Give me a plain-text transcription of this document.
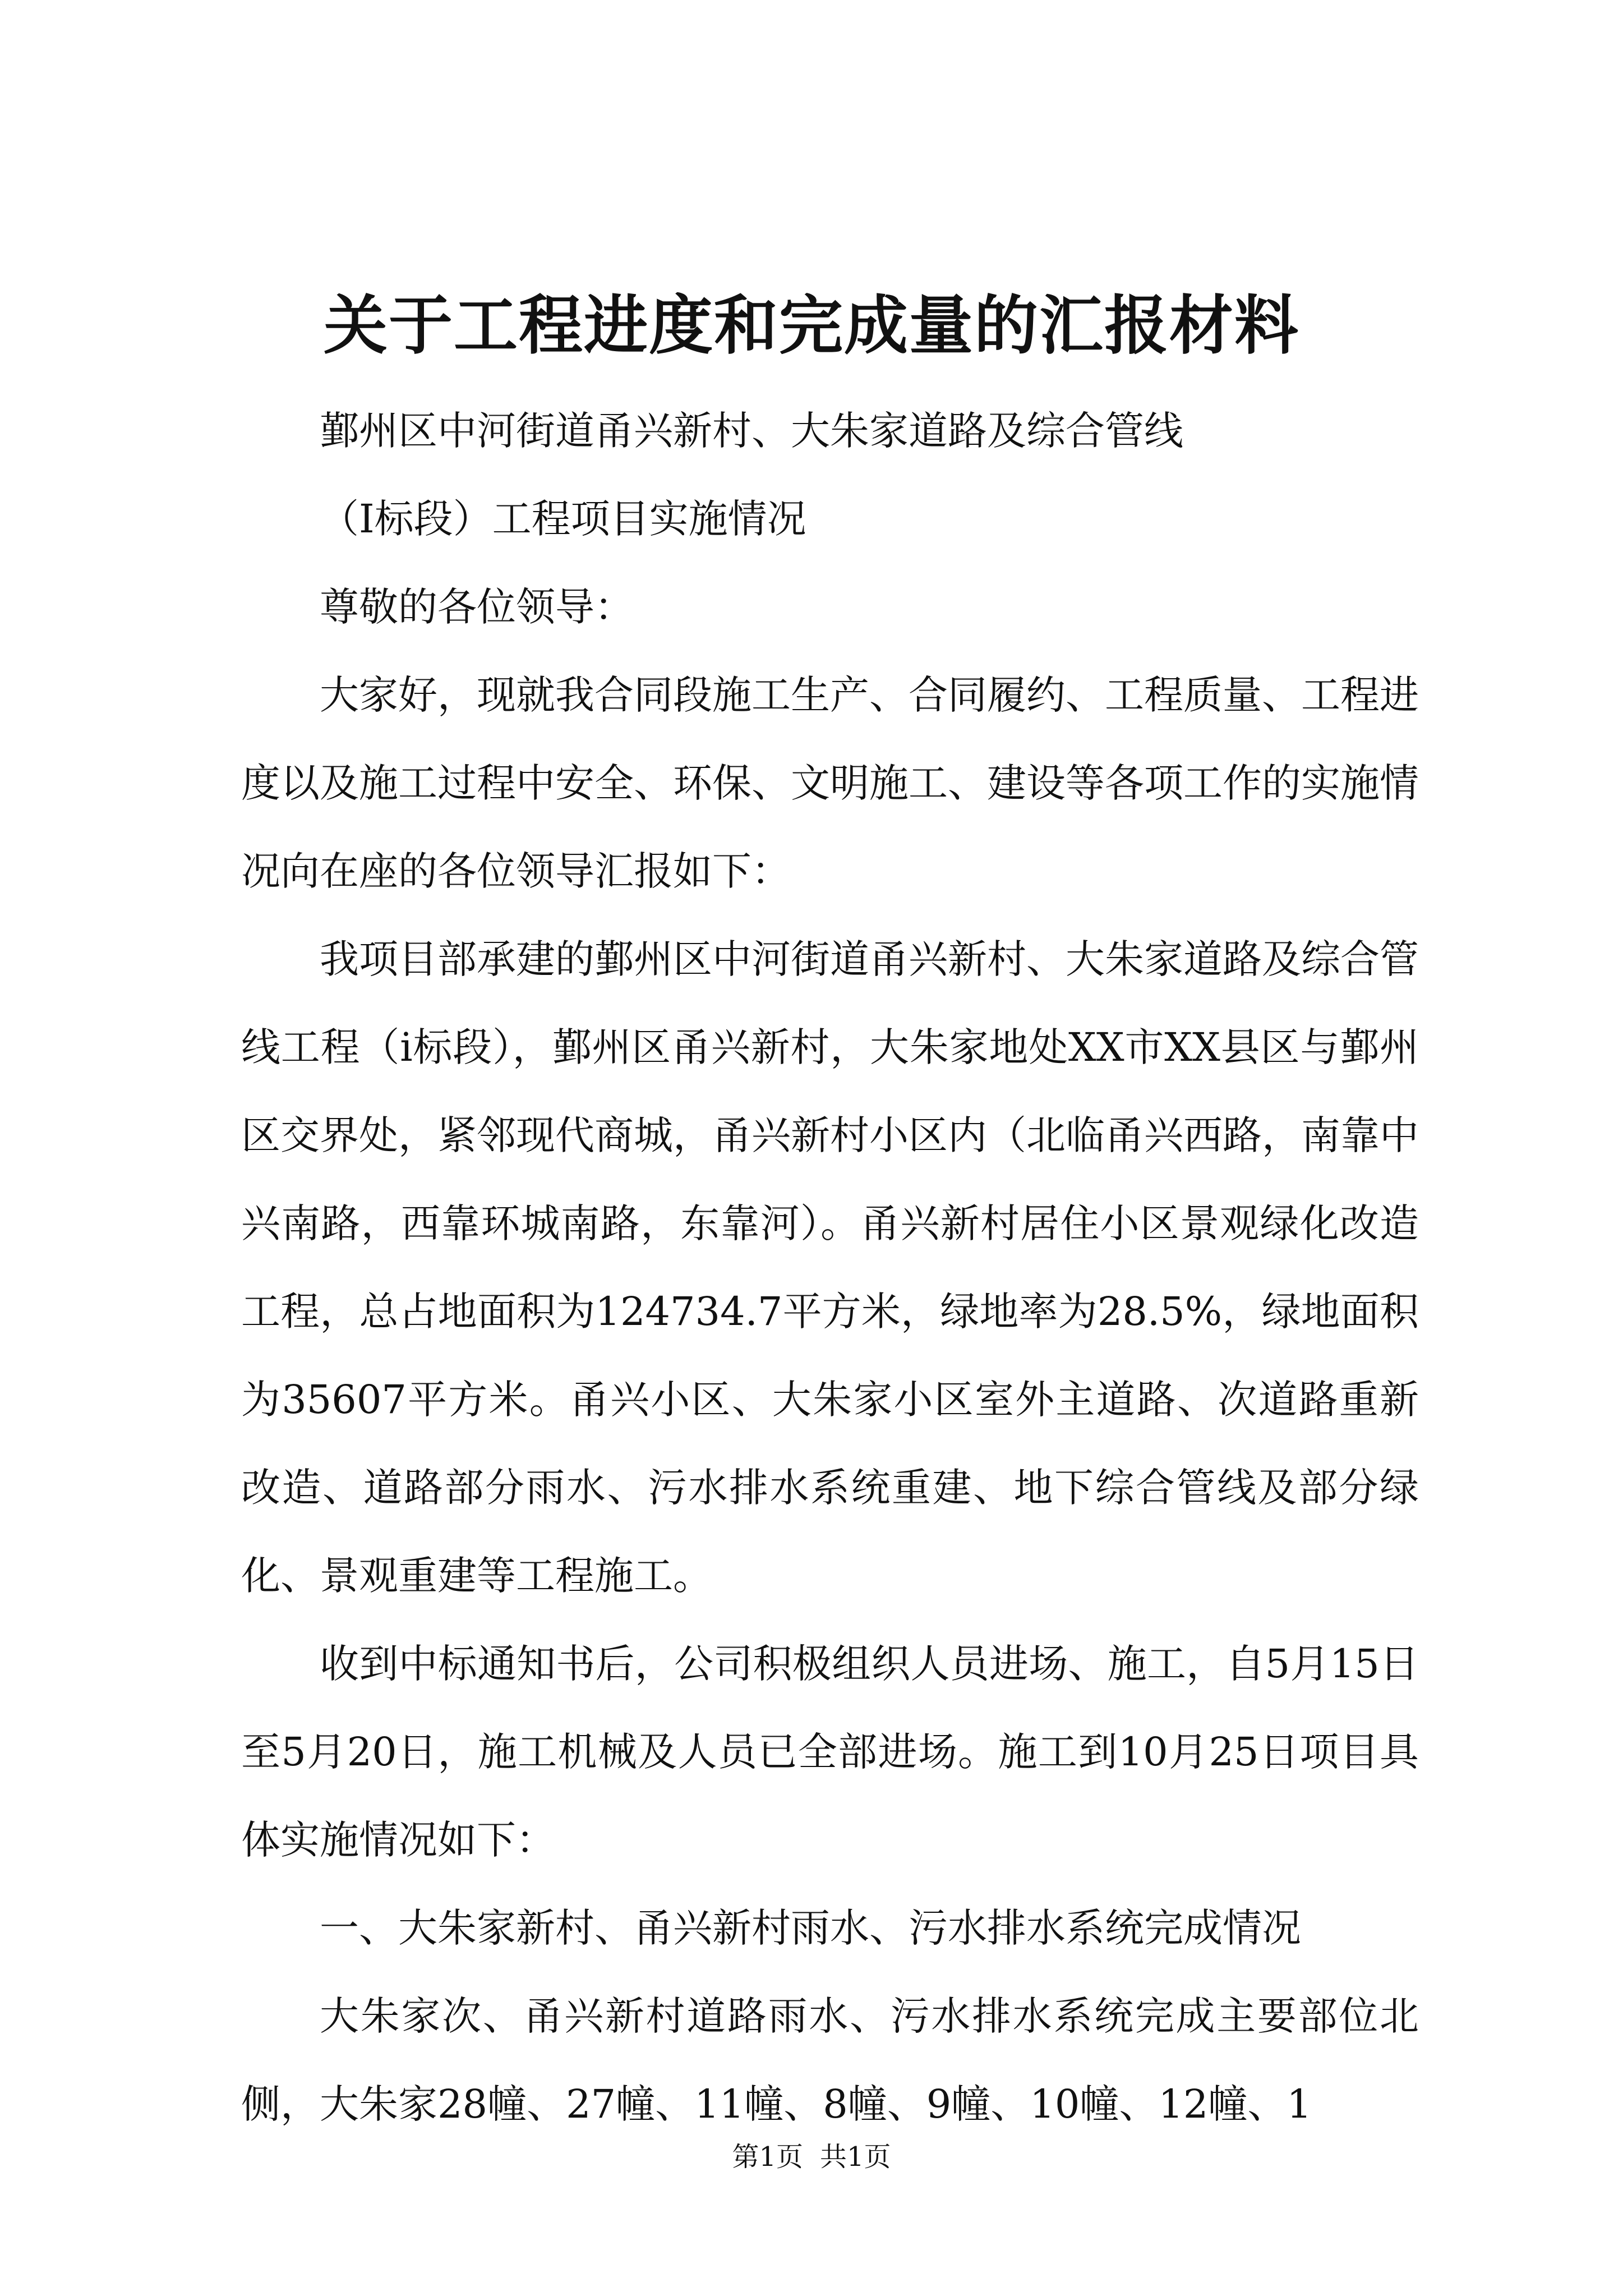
关于工程进度和完成量的汇报材料

鄞州区中河街道甬兴新村、大朱家道路及综合管线

（Ⅰ标段）工程项目实施情况

尊敬的各位领导：

大家好，现就我合同段施工生产、合同履约、工程质量、工程进度以及施工过程中安全、环保、文明施工、建设等各项工作的实施情况向在座的各位领导汇报如下：

我项目部承建的鄞州区中河街道甬兴新村、大朱家道路及综合管线工程（i标段），鄞州区甬兴新村，大朱家地处XX市XX县区与鄞州区交界处，紧邻现代商城，甬兴新村小区内（北临甬兴西路，南靠中兴南路，西靠环城南路，东靠河）。甬兴新村居住小区景观绿化改造工程，总占地面积为124734.7平方米，绿地率为28.5%，绿地面积为35607平方米。甬兴小区、大朱家小区室外主道路、次道路重新改造、道路部分雨水、污水排水系统重建、地下综合管线及部分绿化、景观重建等工程施工。

收到中标通知书后，公司积极组织人员进场、施工，自5月15日至5月20日，施工机械及人员已全部进场。施工到10月25日项目具体实施情况如下：

一、大朱家新村、甬兴新村雨水、污水排水系统完成情况

大朱家次、甬兴新村道路雨水、污水排水系统完成主要部位北侧，大朱家28幢、27幢、11幢、8幢、9幢、10幢、12幢、1

第1页 共1页
